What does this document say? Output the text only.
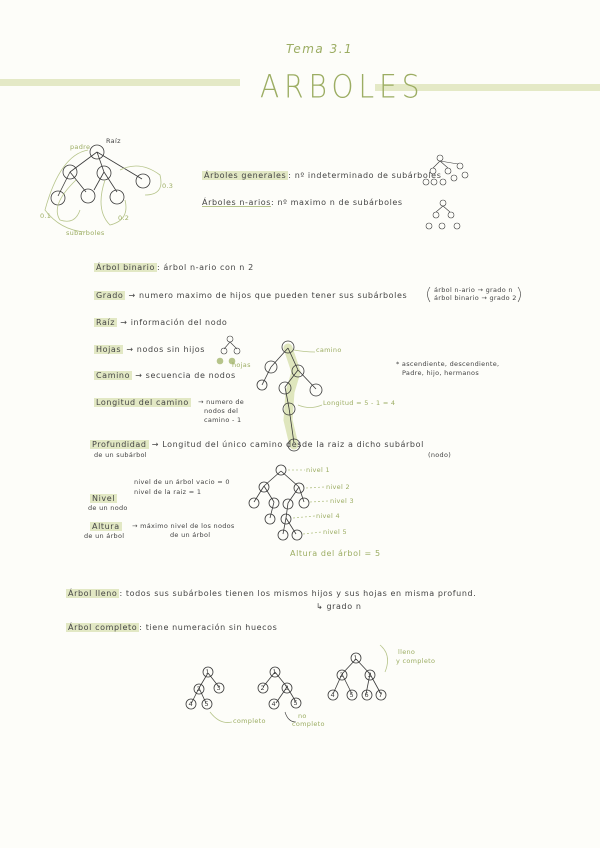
Tema 3.1
ARBOLES
1
2 3
4 5
1
2	3
4	5
1
2	3
4 5 6 7
Raíz
padre
subarboles
0.3
0.1	0.2
Árboles generales : nº indeterminado de subárboles
Árboles n-arios: nº maximo n de subárboles
Árbol binario : árbol n-ario con n 2
Grado → numero maximo de hijos que pueden tener sus subárboles
árbol n-ario → grado n
árbol binario → grado 2
Raíz → información del nodo
Hojas → nodos sin hijos
hojas
Camino → secuencia de nodos
camino
* ascendiente, descendiente,
Padre, hijo, hermanos
Longitud del camino	→ numero de
nodos del
camino - 1
Longitud = 5 - 1 = 4
Profundidad → Longitud del único camino desde la raiz a dicho subárbol
de un subárbol	(nodo)
Nivel
de un nodo
nivel de un árbol vacio = 0
nivel de la raiz = 1
nivel 1
nivel 2
nivel 3
nivel 4
nivel 5
Altura
de un árbol
→ máximo nivel de los nodos
de un árbol
Altura del árbol = 5
Árbol lleno : todos sus subárboles tienen los mismos hijos y sus hojas en misma profund.
↳ grado n
Árbol completo : tiene numeración sin huecos
completo
no
completo
lleno
y completo
